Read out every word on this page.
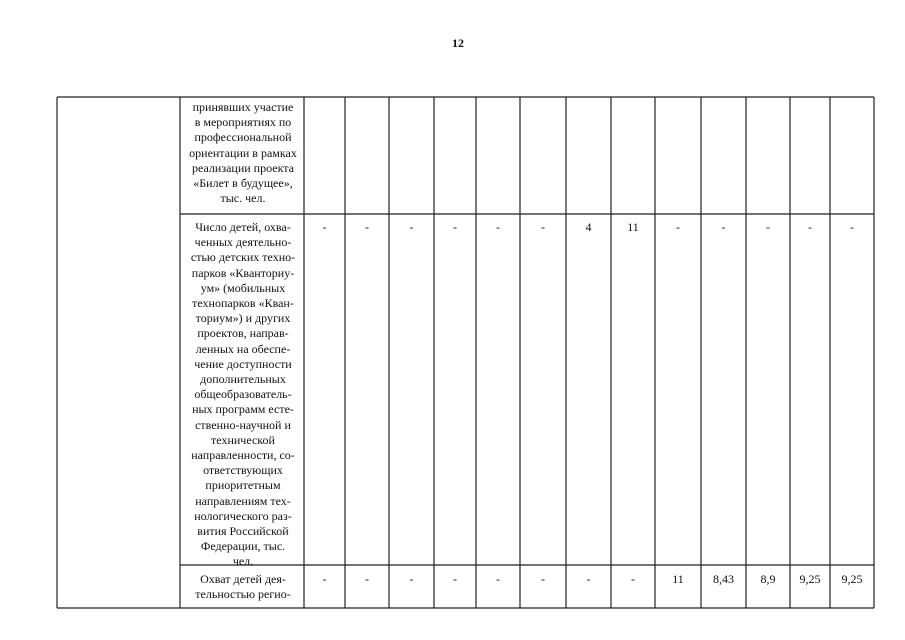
12
принявших участие
в мероприятиях по
профессиональной
ориентации в рамках
реализации проекта
«Билет в будущее»,
тыс. чел.
Число детей, охва-
ченных деятельно-
стью детских техно-
парков «Кванториу-
ум» (мобильных
технопарков «Кван-
ториум») и других
проектов, направ-
ленных на обеспе-
чение доступности
дополнительных
общеобразователь-
ных программ есте-
ственно-научной и
технической
направленности, со-
ответствующих
приоритетным
направлениям тех-
нологического раз-
вития Российской
Федерации, тыс.
чел.
-	-	-	-	-	-	4	11	-	-	-	-	-
Охват детей дея-
тельностью регио-
-	-	-	-	-	-	-	-	11	8,43	8,9	9,25	9,25
